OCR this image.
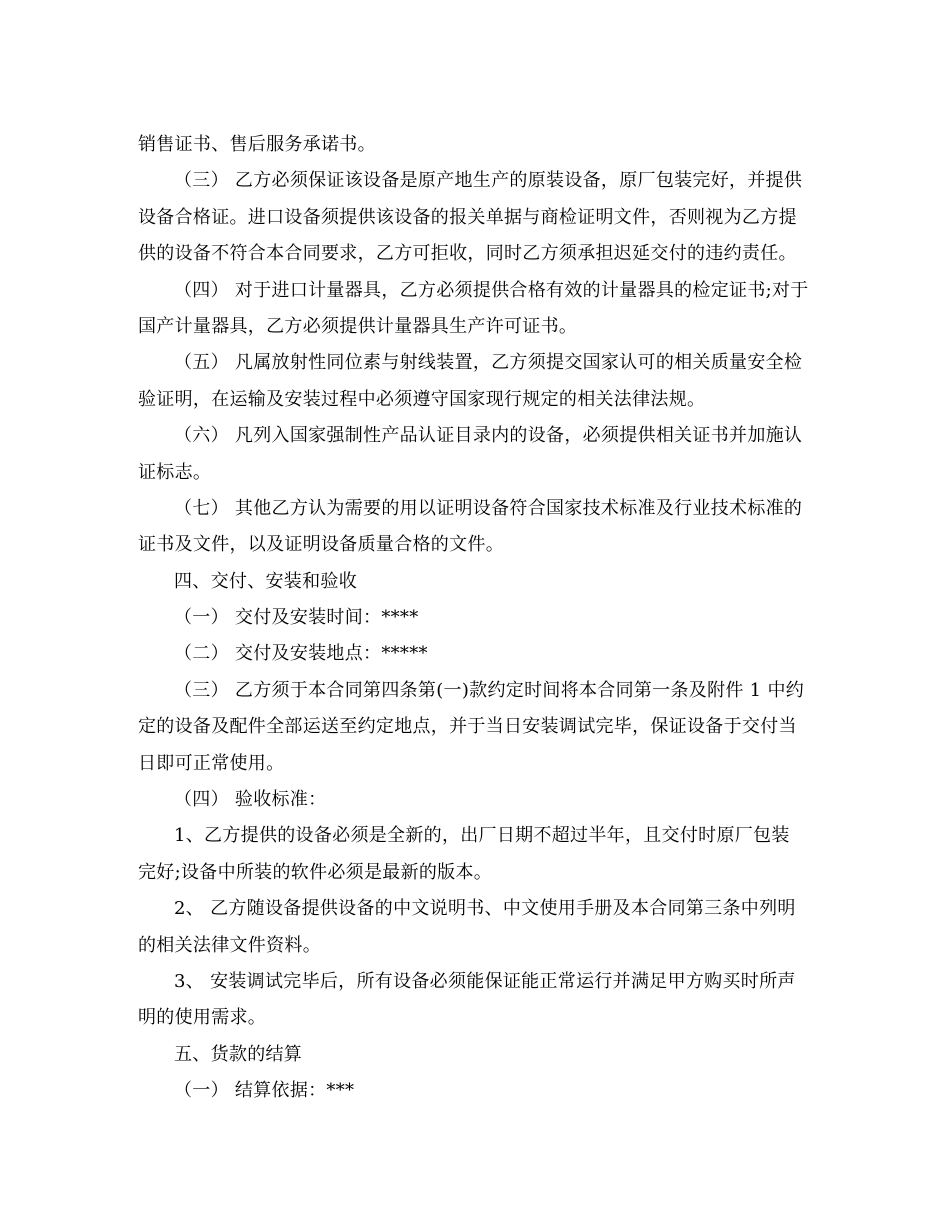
销售证书、售后服务承诺书。
（三） 乙方必须保证该设备是原产地生产的原装设备，原厂包装完好，并提供
设备合格证。进口设备须提供该设备的报关单据与商检证明文件，否则视为乙方提
供的设备不符合本合同要求，乙方可拒收，同时乙方须承担迟延交付的违约责任。
（四） 对于进口计量器具，乙方必须提供合格有效的计量器具的检定证书;对于
国产计量器具，乙方必须提供计量器具生产许可证书。
（五） 凡属放射性同位素与射线装置，乙方须提交国家认可的相关质量安全检
验证明，在运输及安装过程中必须遵守国家现行规定的相关法律法规。
（六） 凡列入国家强制性产品认证目录内的设备，必须提供相关证书并加施认
证标志。
（七） 其他乙方认为需要的用以证明设备符合国家技术标准及行业技术标准的
证书及文件，以及证明设备质量合格的文件。
四、交付、安装和验收
（一） 交付及安装时间：****
（二） 交付及安装地点：*****
（三） 乙方须于本合同第四条第(一)款约定时间将本合同第一条及附件 1 中约
定的设备及配件全部运送至约定地点，并于当日安装调试完毕，保证设备于交付当
日即可正常使用。
（四） 验收标准：
1、乙方提供的设备必须是全新的，出厂日期不超过半年，且交付时原厂包装
完好;设备中所装的软件必须是最新的版本。
2、 乙方随设备提供设备的中文说明书、中文使用手册及本合同第三条中列明
的相关法律文件资料。
3、 安装调试完毕后，所有设备必须能保证能正常运行并满足甲方购买时所声
明的使用需求。
五、货款的结算
（一） 结算依据：***
